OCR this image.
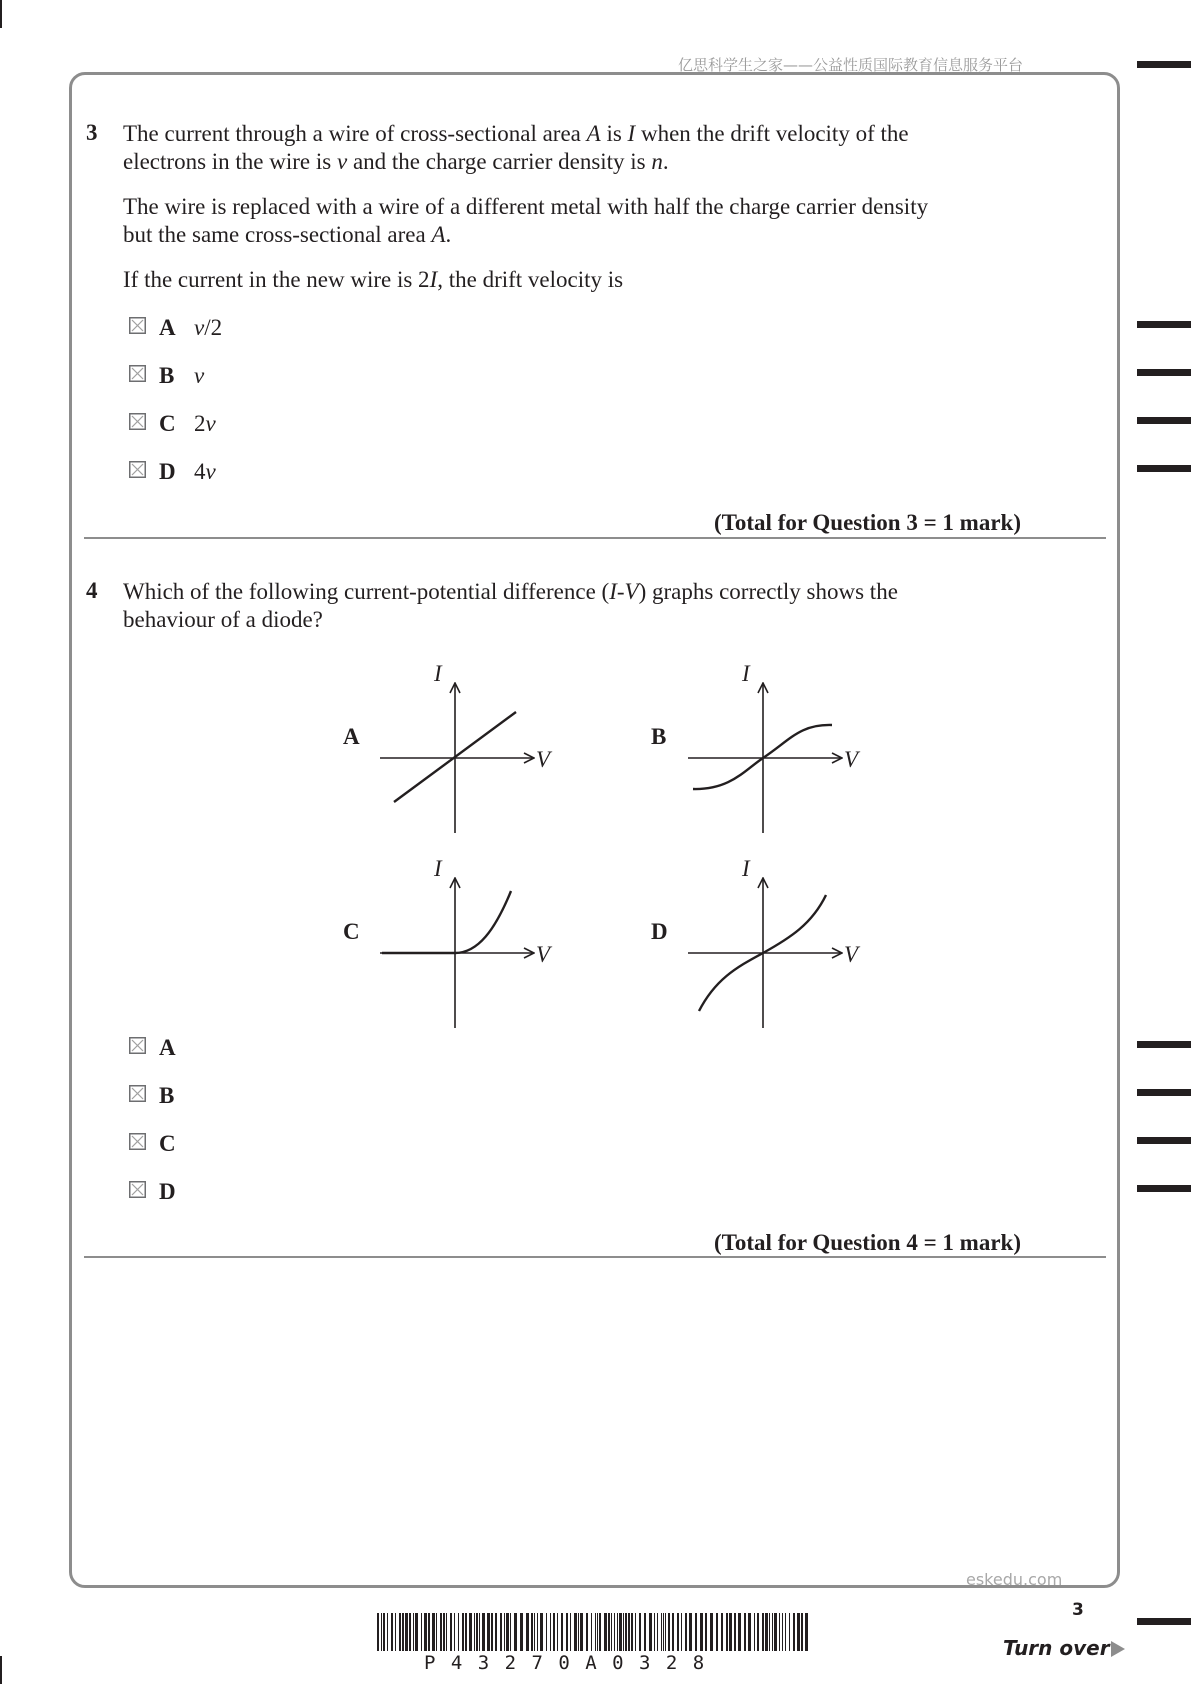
亿思科学生之家——公益性质国际教育信息服务平台
3 The current through a wire of cross-sectional area A is I when the drift velocity of the
electrons in the wire is v and the charge carrier density is n.
The wire is replaced with a wire of a different metal with half the charge carrier density
but the same cross-sectional area A.
If the current in the new wire is 2I, the drift velocity is
A v/2
B v
C 2v
D 4v
(Total for Question 3 = 1 mark)
4 Which of the following current-potential difference (I-V) graphs correctly shows the
behaviour of a diode?
A	B
C	D
I
V
I
V
I
V
I
V
A
B
C
D
(Total for Question 4 = 1 mark)
eskedu.com
3
P 4 3 2 7 0 A 0 3 2 8
Turn over
